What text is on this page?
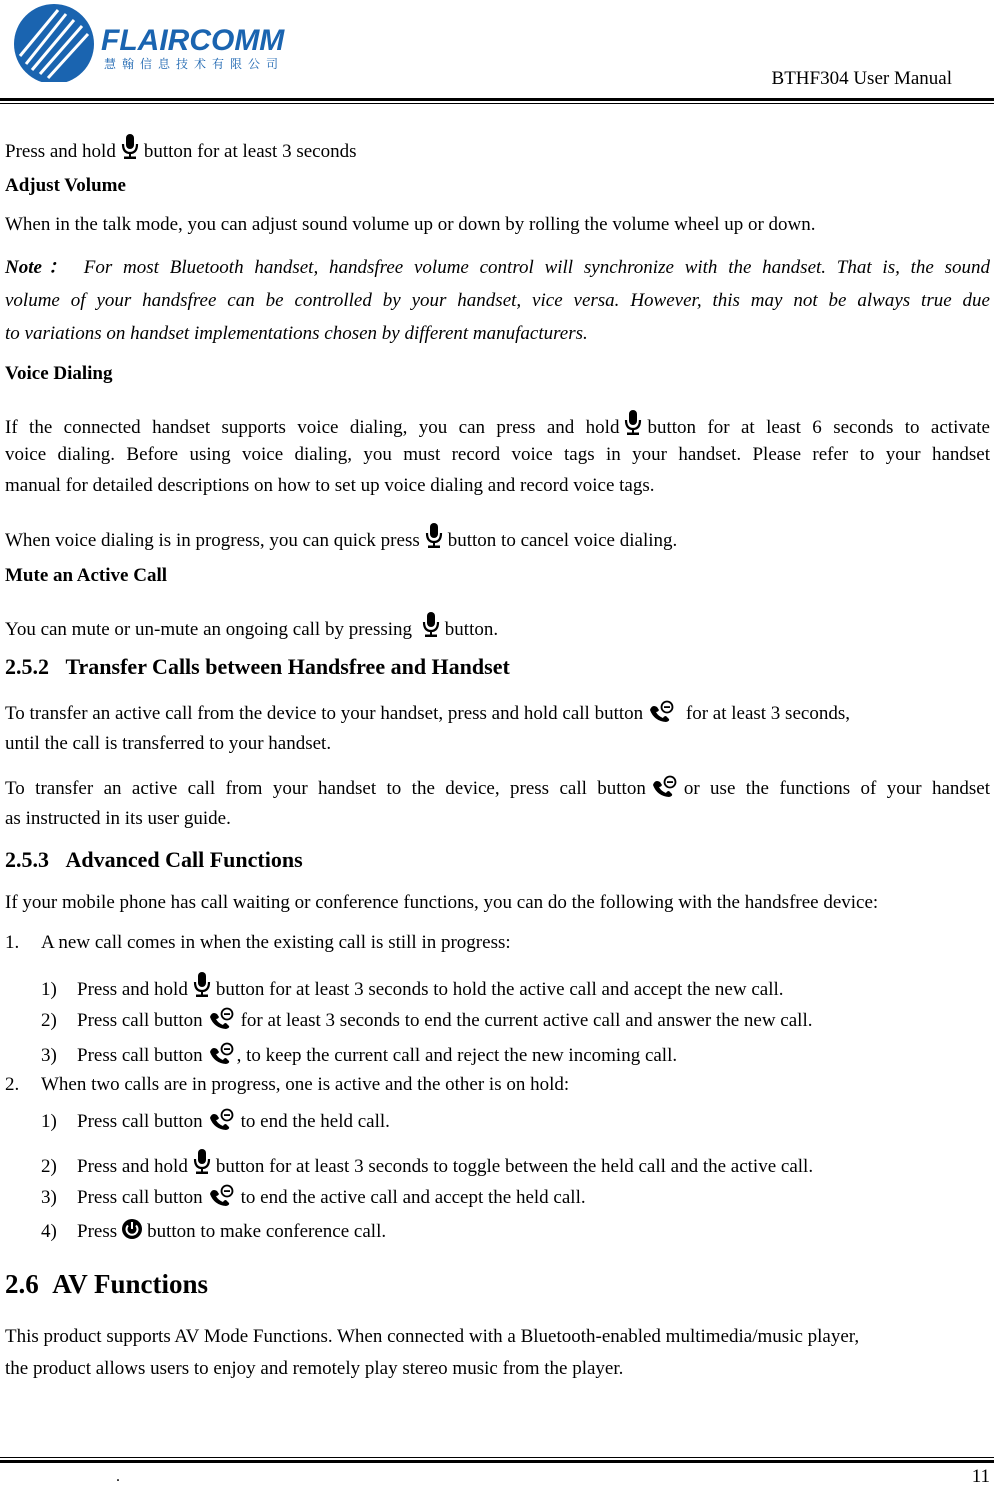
FLAIRCOMM
慧翰信息技术有限公司
BTHF304 User Manual
Press and hold button for at least 3 seconds
Adjust Volume
When in the talk mode, you can adjust sound volume up or down by rolling the volume wheel up or down.
Note： For most Bluetooth handset, handsfree volume control will synchronize with the handset. That is, the sound
volume of your handsfree can be controlled by your handset, vice versa. However, this may not be always true due
to variations on handset implementations chosen by different manufacturers.
Voice Dialing
If the connected handset supports voice dialing, you can press and hold button for at least 6 seconds to activate
voice dialing. Before using voice dialing, you must record voice tags in your handset. Please refer to your handset
manual for detailed descriptions on how to set up voice dialing and record voice tags.
When voice dialing is in progress, you can quick press button to cancel voice dialing.
Mute an Active Call
You can mute or un-mute an ongoing call by pressing button.
2.5.2 Transfer Calls between Handsfree and Handset
To transfer an active call from the device to your handset, press and hold call button for at least 3 seconds,
until the call is transferred to your handset.
To transfer an active call from your handset to the device, press call button or use the functions of your handset
as instructed in its user guide.
2.5.3 Advanced Call Functions
If your mobile phone has call waiting or conference functions, you can do the following with the handsfree device:
1. A new call comes in when the existing call is still in progress:
1) Press and hold button for at least 3 seconds to hold the active call and accept the new call.
2) Press call button for at least 3 seconds to end the current active call and answer the new call.
3) Press call button , to keep the current call and reject the new incoming call.
2. When two calls are in progress, one is active and the other is on hold:
1) Press call button to end the held call.
2) Press and hold button for at least 3 seconds to toggle between the held call and the active call.
3) Press call button to end the active call and accept the held call.
4) Press button to make conference call.
2.6 AV Functions
This product supports AV Mode Functions. When connected with a Bluetooth-enabled multimedia/music player,
the product allows users to enjoy and remotely play stereo music from the player.
.	11
